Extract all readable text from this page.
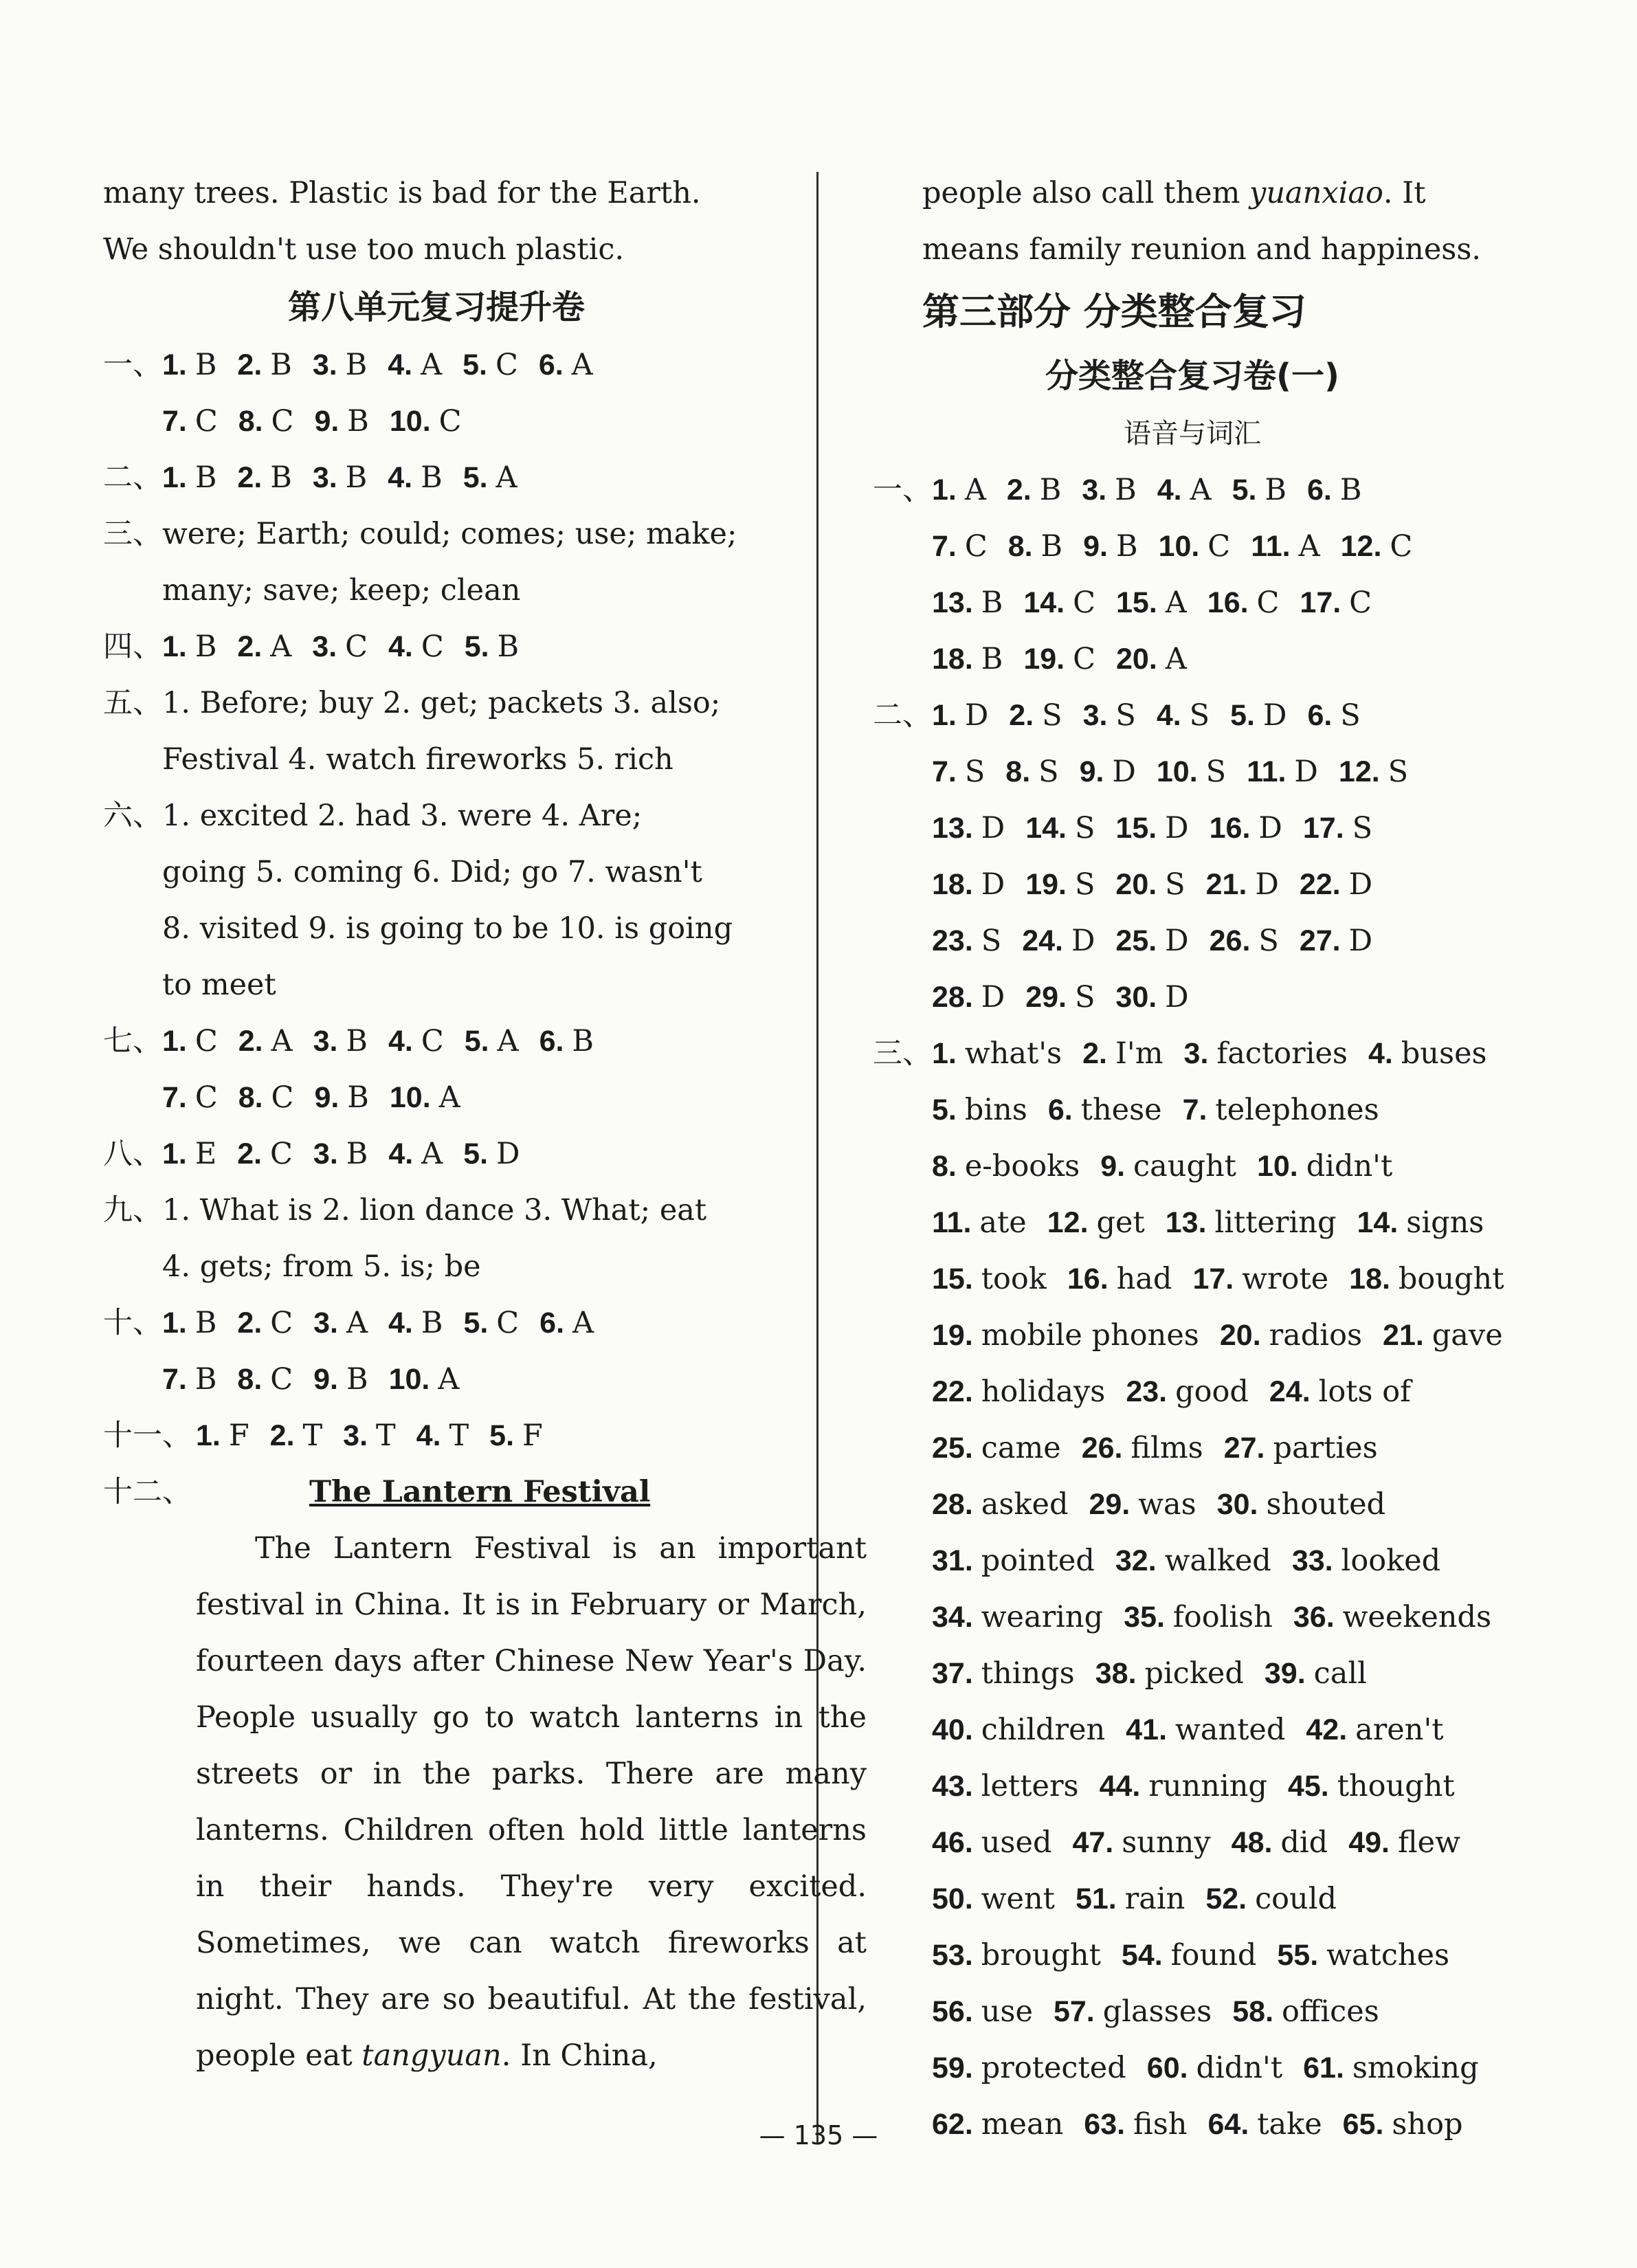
many trees. Plastic is bad for the Earth.

We shouldn't use too much plastic.

第八单元复习提升卷

一、1. B 2. B 3. B 4. A 5. C 6. A
7. C 8. C 9. B 10. C
二、1. B 2. B 3. B 4. B 5. A
三、were; Earth; could; comes; use; make;
many; save; keep; clean
四、1. B 2. A 3. C 4. C 5. B
五、1. Before; buy 2. get; packets 3. also;
Festival 4. watch fireworks 5. rich
六、1. excited 2. had 3. were 4. Are;
going 5. coming 6. Did; go 7. wasn't
8. visited 9. is going to be 10. is going
to meet
七、1. C 2. A 3. B 4. C 5. A 6. B
7. C 8. C 9. B 10. A
八、1. E 2. C 3. B 4. A 5. D
九、1. What is 2. lion dance 3. What; eat
4. gets; from 5. is; be
十、1. B 2. C 3. A 4. B 5. C 6. A
7. B 8. C 9. B 10. A
十一、 1. F 2. T 3. T 4. T 5. F
十二、	The Lantern Festival

The Lantern Festival is an important festival in China. It is in February or March, fourteen days after Chinese New Year's Day. People usually go to watch lanterns in the streets or in the parks. There are many lanterns. Children often hold little lanterns in their hands. They're very excited. Sometimes, we can watch fireworks at night. They are so beautiful. At the festival, people eat tangyuan. In China,

people also call them yuanxiao. It

means family reunion and happiness.

第三部分 分类整合复习

分类整合复习卷(一)

语音与词汇

一、1. A 2. B 3. B 4. A 5. B 6. B
7. C 8. B 9. B 10. C 11. A 12. C
13. B 14. C 15. A 16. C 17. C
18. B 19. C 20. A
二、1. D 2. S 3. S 4. S 5. D 6. S
7. S 8. S 9. D 10. S 11. D 12. S
13. D 14. S 15. D 16. D 17. S
18. D 19. S 20. S 21. D 22. D
23. S 24. D 25. D 26. S 27. D
28. D 29. S 30. D
三、1. what's 2. I'm 3. factories 4. buses
5. bins 6. these 7. telephones
8. e-books 9. caught 10. didn't
11. ate 12. get 13. littering 14. signs
15. took 16. had 17. wrote 18. bought
19. mobile phones 20. radios 21. gave
22. holidays 23. good 24. lots of
25. came 26. films 27. parties
28. asked 29. was 30. shouted
31. pointed 32. walked 33. looked
34. wearing 35. foolish 36. weekends
37. things 38. picked 39. call
40. children 41. wanted 42. aren't
43. letters 44. running 45. thought
46. used 47. sunny 48. did 49. flew
50. went 51. rain 52. could
53. brought 54. found 55. watches
56. use 57. glasses 58. offices
59. protected 60. didn't 61. smoking
62. mean 63. fish 64. take 65. shop
— 135 —
